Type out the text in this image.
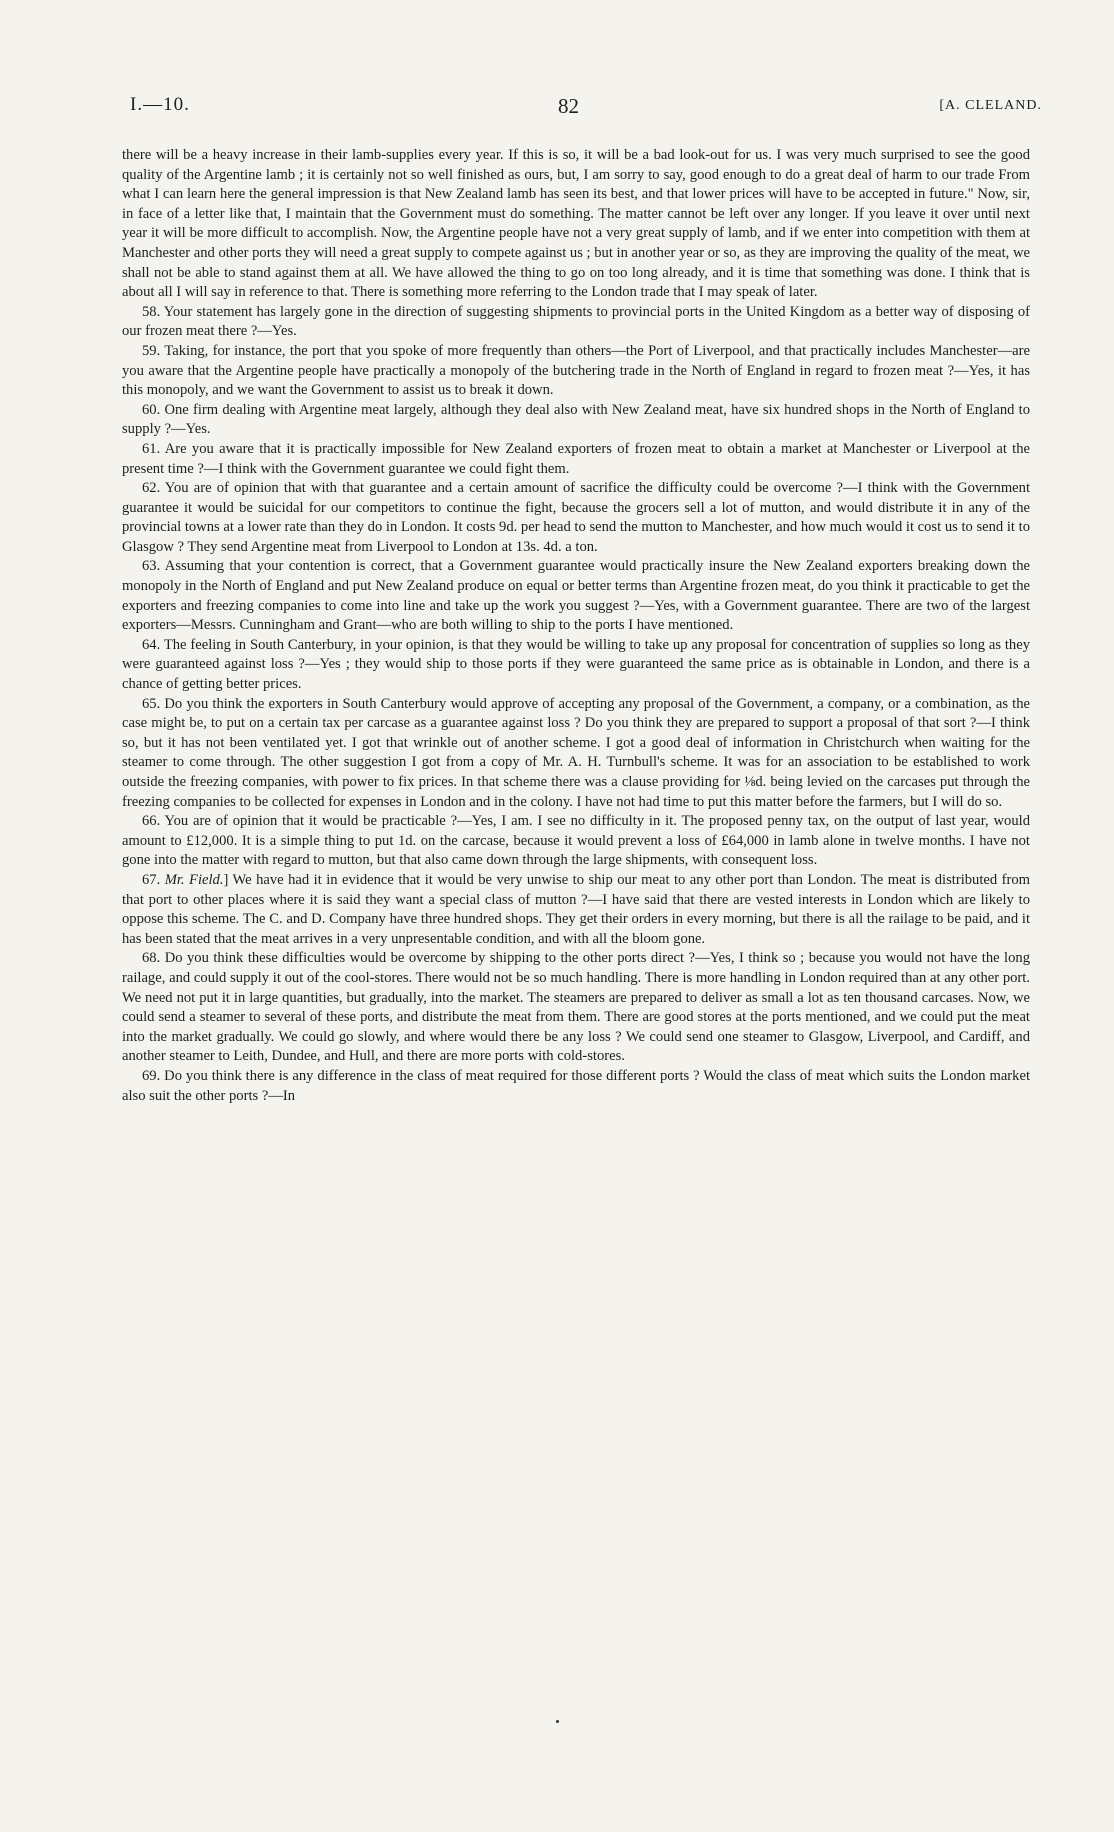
I.—10.	82	[A. CLELAND.

there will be a heavy increase in their lamb-supplies every year. If this is so, it will be a bad look-out for us. I was very much surprised to see the good quality of the Argentine lamb ; it is certainly not so well finished as ours, but, I am sorry to say, good enough to do a great deal of harm to our trade From what I can learn here the general impression is that New Zealand lamb has seen its best, and that lower prices will have to be accepted in future." Now, sir, in face of a letter like that, I maintain that the Government must do something. The matter cannot be left over any longer. If you leave it over until next year it will be more difficult to accomplish. Now, the Argentine people have not a very great supply of lamb, and if we enter into competition with them at Manchester and other ports they will need a great supply to compete against us ; but in another year or so, as they are improving the quality of the meat, we shall not be able to stand against them at all. We have allowed the thing to go on too long already, and it is time that something was done. I think that is about all I will say in reference to that. There is something more referring to the London trade that I may speak of later.

58. Your statement has largely gone in the direction of suggesting shipments to provincial ports in the United Kingdom as a better way of disposing of our frozen meat there ?—Yes.

59. Taking, for instance, the port that you spoke of more frequently than others—the Port of Liverpool, and that practically includes Manchester—are you aware that the Argentine people have practically a monopoly of the butchering trade in the North of England in regard to frozen meat ?—Yes, it has this monopoly, and we want the Government to assist us to break it down.

60. One firm dealing with Argentine meat largely, although they deal also with New Zealand meat, have six hundred shops in the North of England to supply ?—Yes.

61. Are you aware that it is practically impossible for New Zealand exporters of frozen meat to obtain a market at Manchester or Liverpool at the present time ?—I think with the Government guarantee we could fight them.

62. You are of opinion that with that guarantee and a certain amount of sacrifice the difficulty could be overcome ?—I think with the Government guarantee it would be suicidal for our competitors to continue the fight, because the grocers sell a lot of mutton, and would distribute it in any of the provincial towns at a lower rate than they do in London. It costs 9d. per head to send the mutton to Manchester, and how much would it cost us to send it to Glasgow ? They send Argentine meat from Liverpool to London at 13s. 4d. a ton.

63. Assuming that your contention is correct, that a Government guarantee would practically insure the New Zealand exporters breaking down the monopoly in the North of England and put New Zealand produce on equal or better terms than Argentine frozen meat, do you think it practicable to get the exporters and freezing companies to come into line and take up the work you suggest ?—Yes, with a Government guarantee. There are two of the largest exporters—Messrs. Cunningham and Grant—who are both willing to ship to the ports I have mentioned.

64. The feeling in South Canterbury, in your opinion, is that they would be willing to take up any proposal for concentration of supplies so long as they were guaranteed against loss ?—Yes ; they would ship to those ports if they were guaranteed the same price as is obtainable in London, and there is a chance of getting better prices.

65. Do you think the exporters in South Canterbury would approve of accepting any proposal of the Government, a company, or a combination, as the case might be, to put on a certain tax per carcase as a guarantee against loss ? Do you think they are prepared to support a proposal of that sort ?—I think so, but it has not been ventilated yet. I got that wrinkle out of another scheme. I got a good deal of information in Christchurch when waiting for the steamer to come through. The other suggestion I got from a copy of Mr. A. H. Turnbull's scheme. It was for an association to be established to work outside the freezing companies, with power to fix prices. In that scheme there was a clause providing for ⅛d. being levied on the carcases put through the freezing companies to be collected for expenses in London and in the colony. I have not had time to put this matter before the farmers, but I will do so.

66. You are of opinion that it would be practicable ?—Yes, I am. I see no difficulty in it. The proposed penny tax, on the output of last year, would amount to £12,000. It is a simple thing to put 1d. on the carcase, because it would prevent a loss of £64,000 in lamb alone in twelve months. I have not gone into the matter with regard to mutton, but that also came down through the large shipments, with consequent loss.

67. Mr. Field.] We have had it in evidence that it would be very unwise to ship our meat to any other port than London. The meat is distributed from that port to other places where it is said they want a special class of mutton ?—I have said that there are vested interests in London which are likely to oppose this scheme. The C. and D. Company have three hundred shops. They get their orders in every morning, but there is all the railage to be paid, and it has been stated that the meat arrives in a very unpresentable condition, and with all the bloom gone.

68. Do you think these difficulties would be overcome by shipping to the other ports direct ?—Yes, I think so ; because you would not have the long railage, and could supply it out of the cool-stores. There would not be so much handling. There is more handling in London required than at any other port. We need not put it in large quantities, but gradually, into the market. The steamers are prepared to deliver as small a lot as ten thousand carcases. Now, we could send a steamer to several of these ports, and distribute the meat from them. There are good stores at the ports mentioned, and we could put the meat into the market gradually. We could go slowly, and where would there be any loss ? We could send one steamer to Glasgow, Liverpool, and Cardiff, and another steamer to Leith, Dundee, and Hull, and there are more ports with cold-stores.

69. Do you think there is any difference in the class of meat required for those different ports ? Would the class of meat which suits the London market also suit the other ports ?—In
